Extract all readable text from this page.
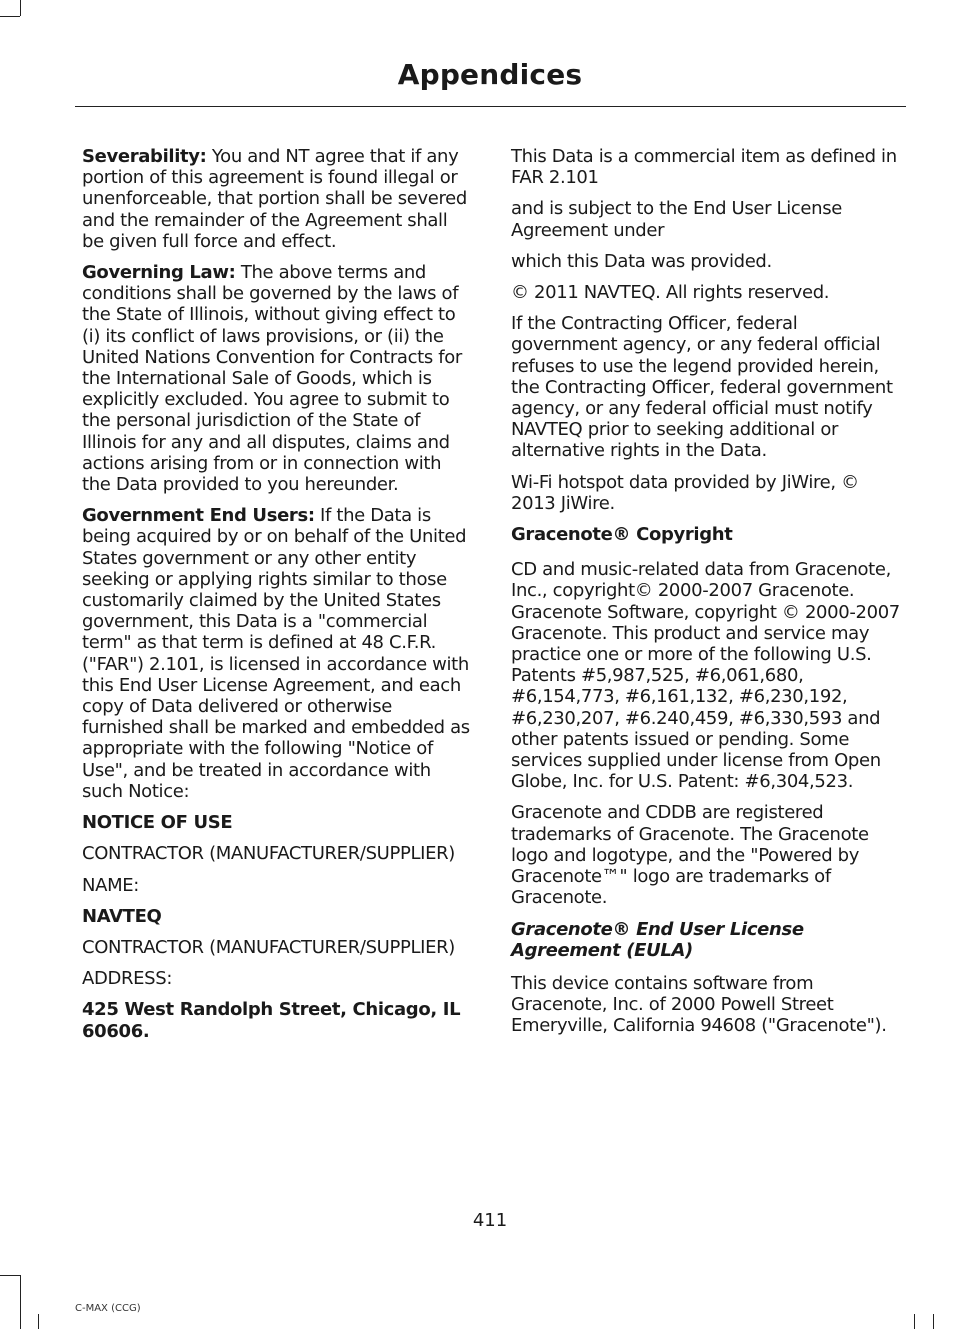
Appendices

Severability: You and NT agree that if any portion of this agreement is found illegal or unenforceable, that portion shall be severed and the remainder of the Agreement shall be given full force and effect.

Governing Law: The above terms and conditions shall be governed by the laws of the State of Illinois, without giving effect to (i) its conflict of laws provisions, or (ii) the United Nations Convention for Contracts for the International Sale of Goods, which is explicitly excluded. You agree to submit to the personal jurisdiction of the State of Illinois for any and all disputes, claims and actions arising from or in connection with the Data provided to you hereunder.

Government End Users: If the Data is being acquired by or on behalf of the United States government or any other entity seeking or applying rights similar to those customarily claimed by the United States government, this Data is a "commercial term" as that term is defined at 48 C.F.R. ("FAR") 2.101, is licensed in accordance with this End User License Agreement, and each copy of Data delivered or otherwise furnished shall be marked and embedded as appropriate with the following "Notice of Use", and be treated in accordance with such Notice:

NOTICE OF USE

CONTRACTOR (MANUFACTURER/SUPPLIER)

NAME:

NAVTEQ

CONTRACTOR (MANUFACTURER/SUPPLIER)

ADDRESS:

425 West Randolph Street, Chicago, IL 60606.

This Data is a commercial item as defined in FAR 2.101

and is subject to the End User License Agreement under

which this Data was provided.

© 2011 NAVTEQ. All rights reserved.

If the Contracting Officer, federal government agency, or any federal official refuses to use the legend provided herein, the Contracting Officer, federal government agency, or any federal official must notify NAVTEQ prior to seeking additional or alternative rights in the Data.

Wi-Fi hotspot data provided by JiWire, © 2013 JiWire.

Gracenote® Copyright

CD and music-related data from Gracenote, Inc., copyright© 2000-2007 Gracenote. Gracenote Software, copyright © 2000-2007 Gracenote. This product and service may practice one or more of the following U.S. Patents #5,987,525, #6,061,680, #6,154,773, #6,161,132, #6,230,192, #6,230,207, #6.240,459, #6,330,593 and other patents issued or pending. Some services supplied under license from Open Globe, Inc. for U.S. Patent: #6,304,523.

Gracenote and CDDB are registered trademarks of Gracenote. The Gracenote logo and logotype, and the "Powered by Gracenote™" logo are trademarks of Gracenote.

Gracenote® End User License Agreement (EULA)

This device contains software from Gracenote, Inc. of 2000 Powell Street Emeryville, California 94608 ("Gracenote").

411
C-MAX (CCG)
